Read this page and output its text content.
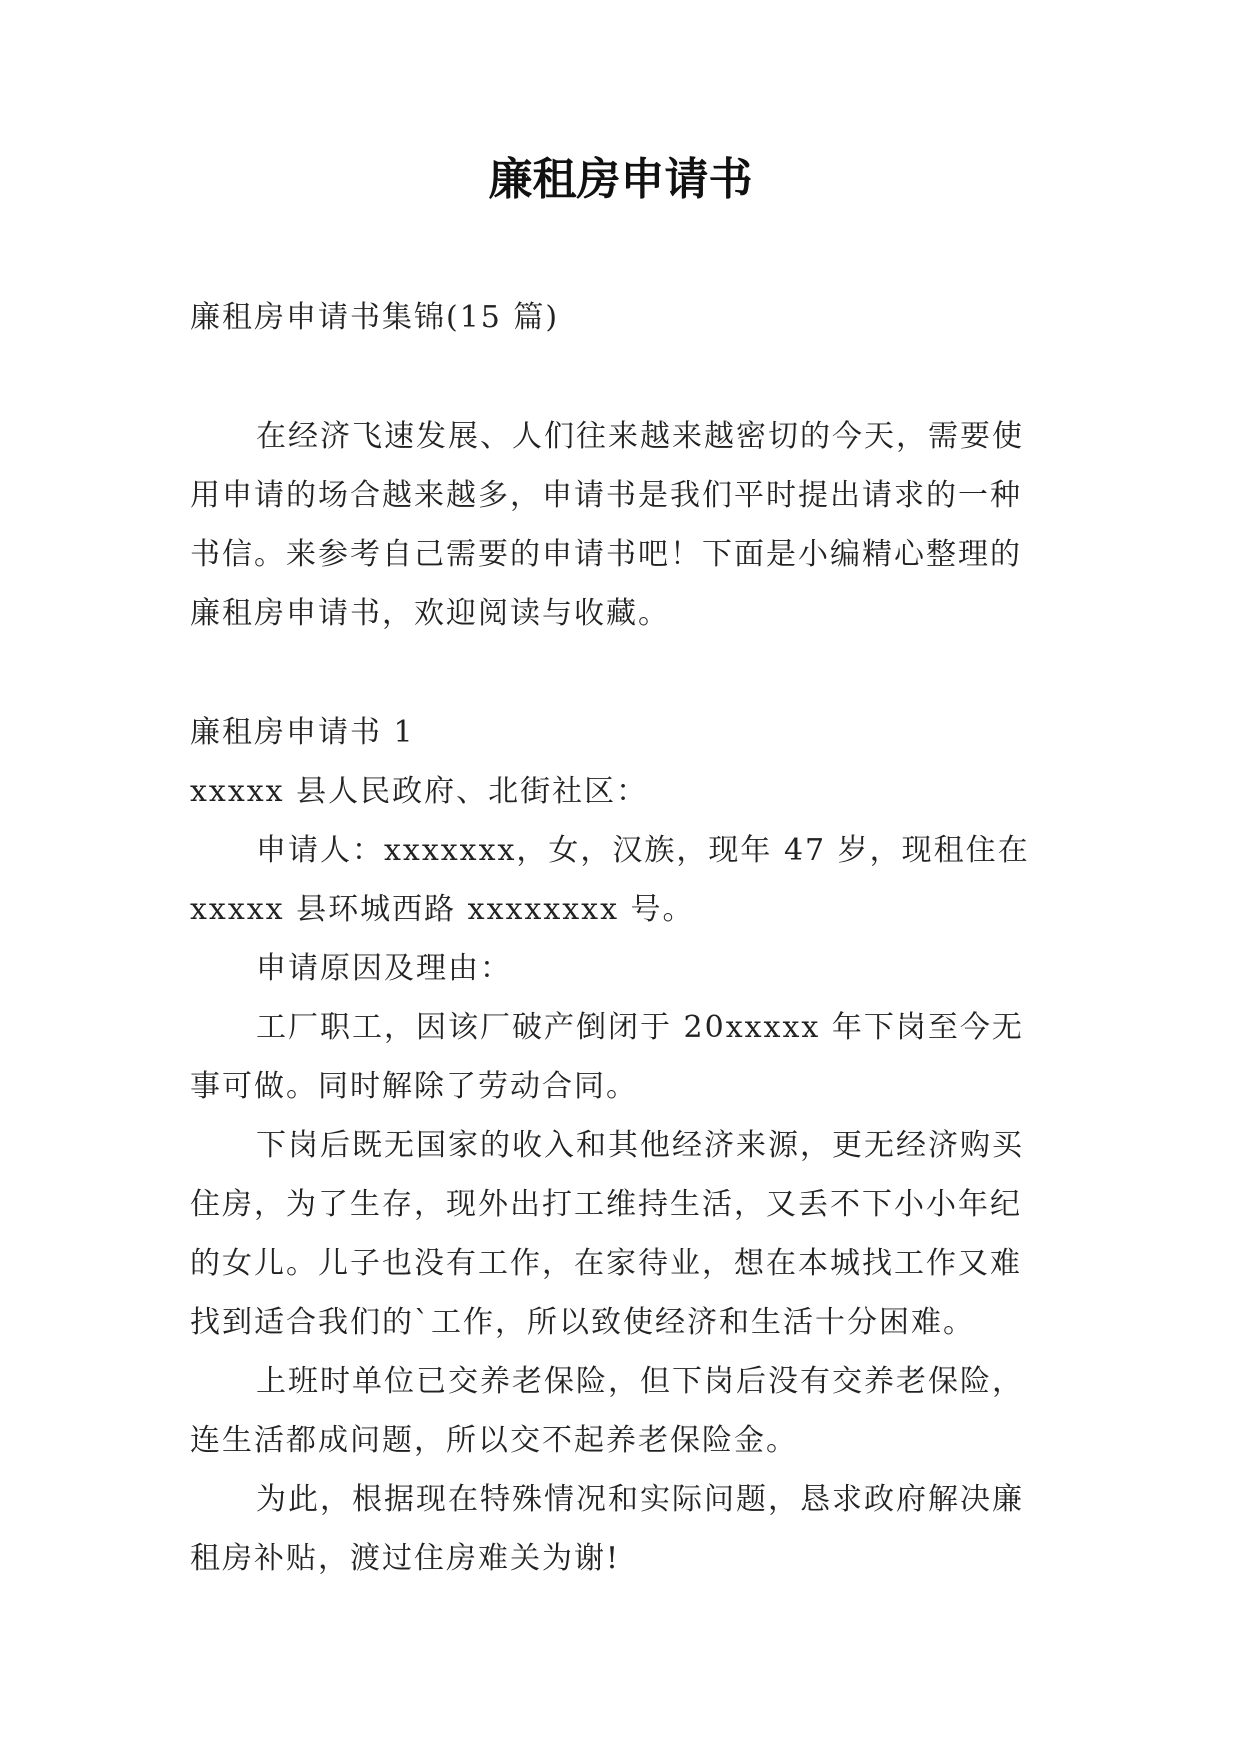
廉租房申请书

廉租房申请书集锦(15 篇)

在经济飞速发展、人们往来越来越密切的今天，需要使用申请的场合越来越多，申请书是我们平时提出请求的一种书信。来参考自己需要的申请书吧！下面是小编精心整理的廉租房申请书，欢迎阅读与收藏。

廉租房申请书 1

xxxxx 县人民政府、北街社区：

申请人：xxxxxxx，女，汉族，现年 47 岁，现租住在 xxxxx 县环城西路 xxxxxxxx 号。

申请原因及理由：

工厂职工，因该厂破产倒闭于 20xxxxx 年下岗至今无事可做。同时解除了劳动合同。

下岗后既无国家的收入和其他经济来源，更无经济购买住房，为了生存，现外出打工维持生活，又丢不下小小年纪的女儿。儿子也没有工作，在家待业，想在本城找工作又难找到适合我们的`工作，所以致使经济和生活十分困难。

上班时单位已交养老保险，但下岗后没有交养老保险，连生活都成问题，所以交不起养老保险金。

为此，根据现在特殊情况和实际问题，恳求政府解决廉租房补贴，渡过住房难关为谢!
